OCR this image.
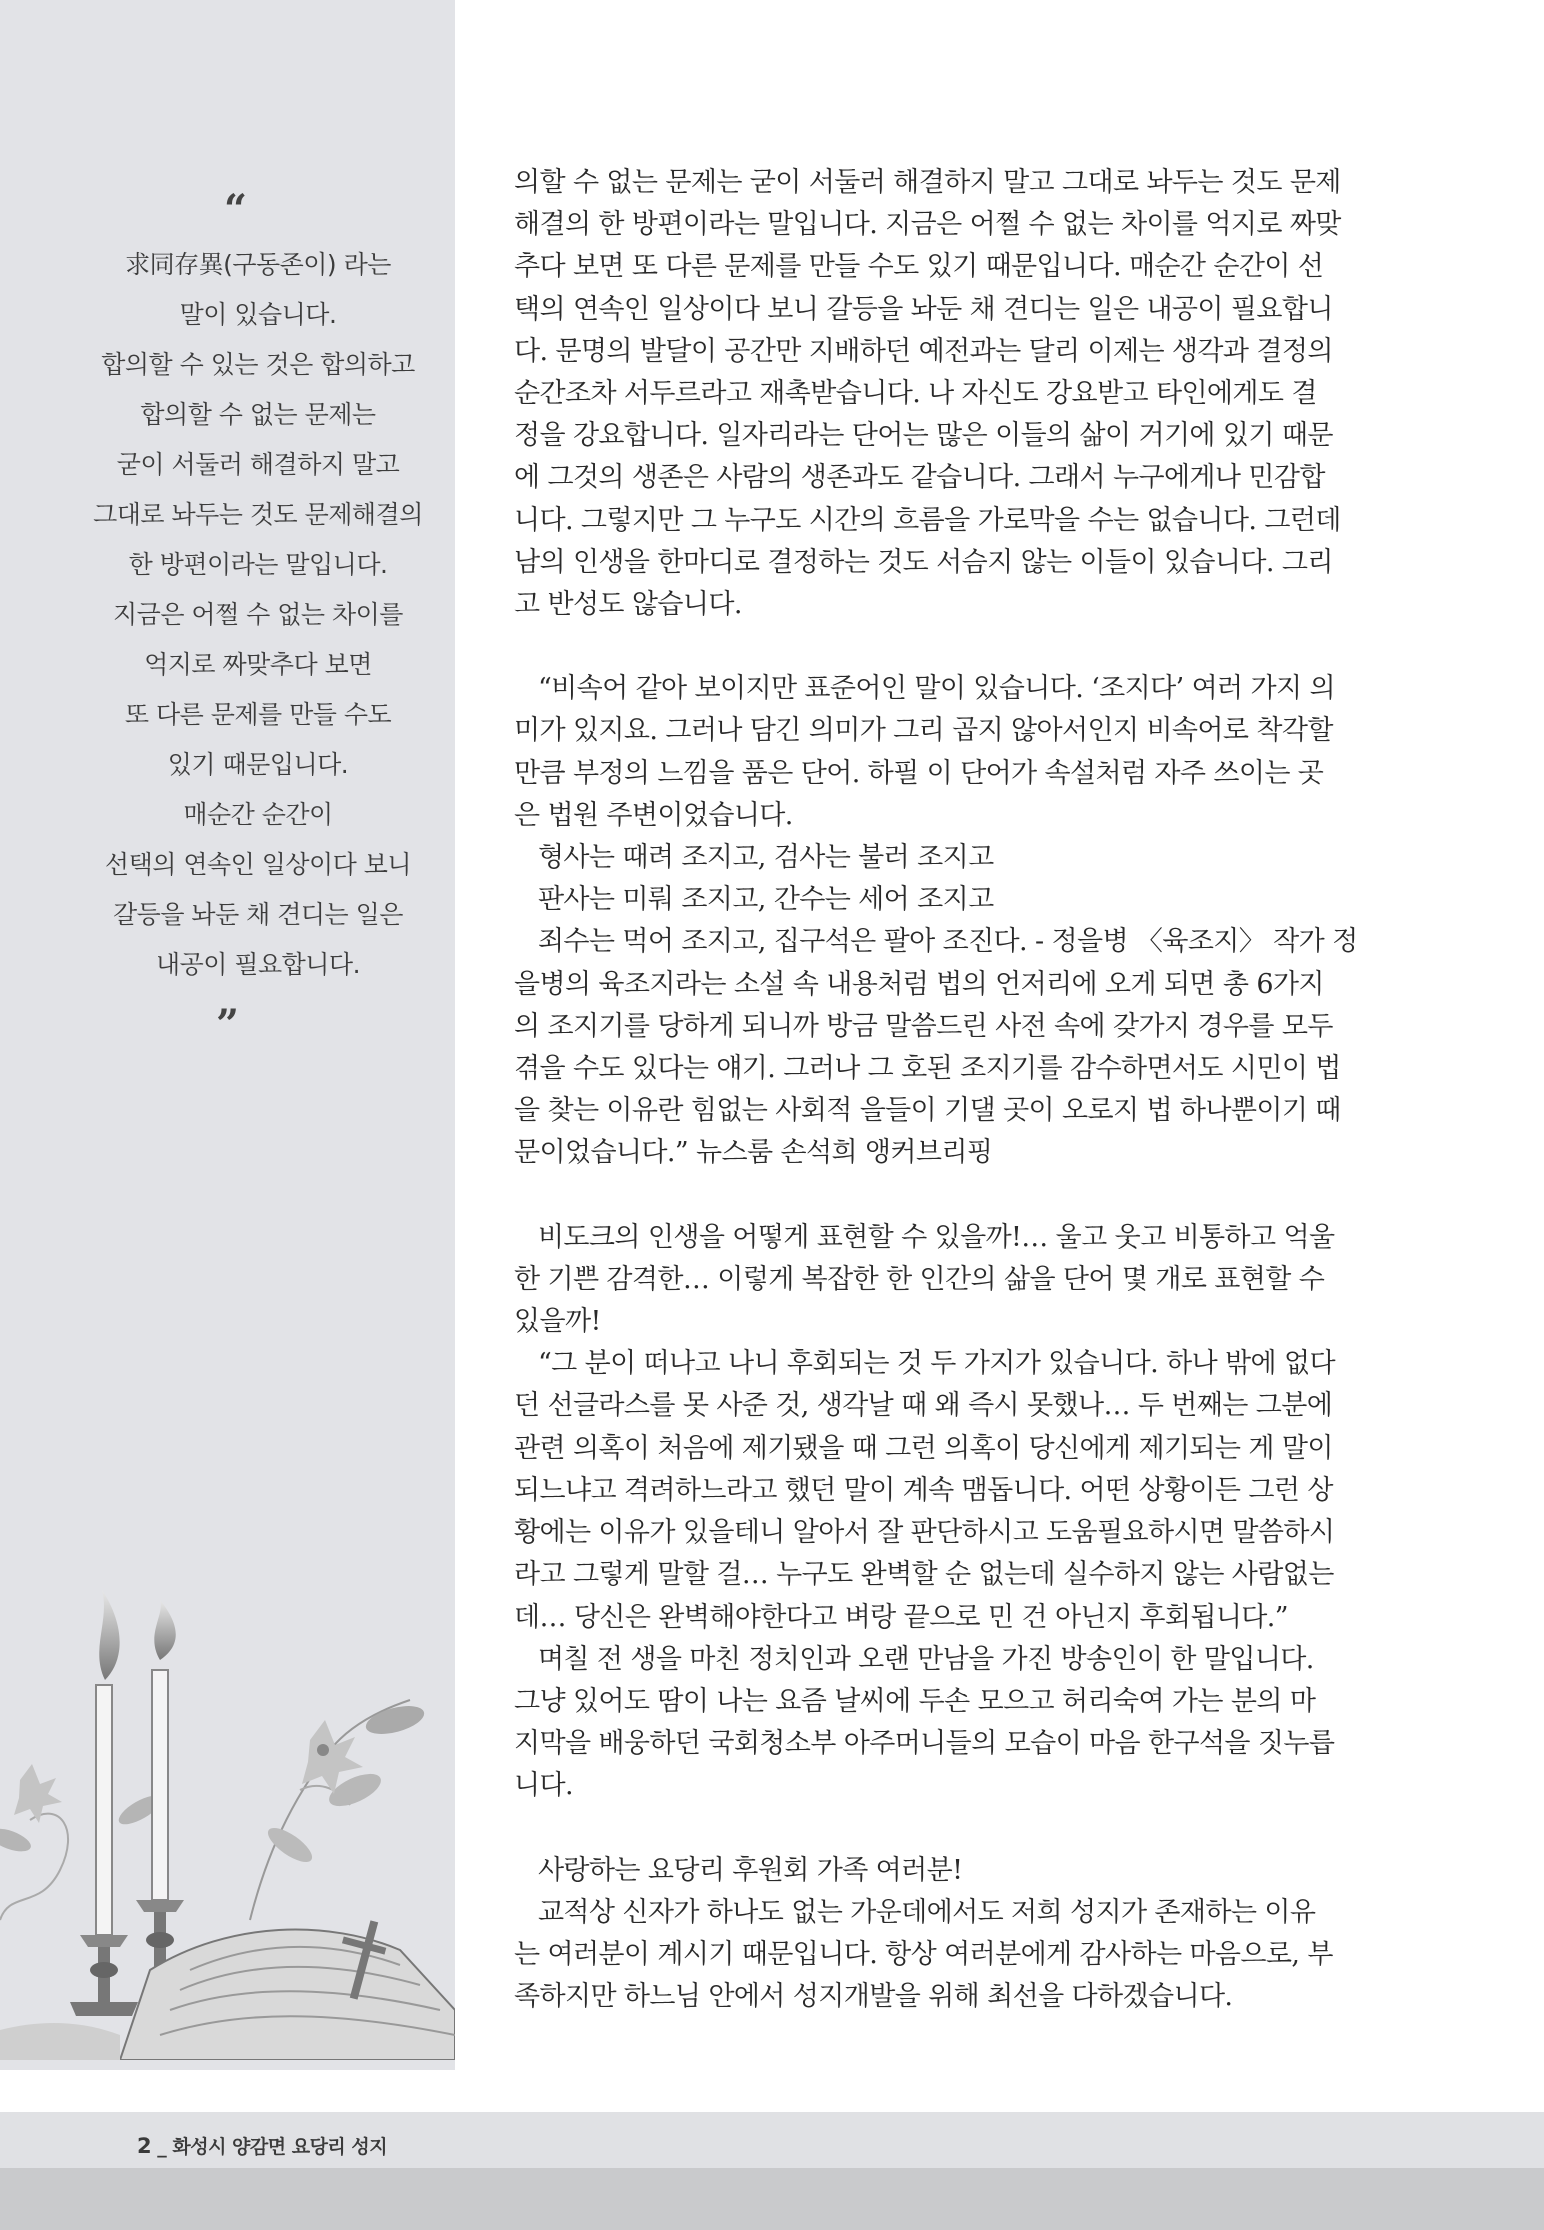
“
求同存異(구동존이) 라는
말이 있습니다.
합의할 수 있는 것은 합의하고
합의할 수 없는 문제는
굳이 서둘러 해결하지 말고
그대로 놔두는 것도 문제해결의
한 방편이라는 말입니다.
지금은 어쩔 수 없는 차이를
억지로 짜맞추다 보면
또 다른 문제를 만들 수도
있기 때문입니다.
매순간 순간이
선택의 연속인 일상이다 보니
갈등을 놔둔 채 견디는 일은
내공이 필요합니다.
”

의할 수 없는 문제는 굳이 서둘러 해결하지 말고 그대로 놔두는 것도 문제
해결의 한 방편이라는 말입니다. 지금은 어쩔 수 없는 차이를 억지로 짜맞
추다 보면 또 다른 문제를 만들 수도 있기 때문입니다. 매순간 순간이 선
택의 연속인 일상이다 보니 갈등을 놔둔 채 견디는 일은 내공이 필요합니
다. 문명의 발달이 공간만 지배하던 예전과는 달리 이제는 생각과 결정의
순간조차 서두르라고 재촉받습니다. 나 자신도 강요받고 타인에게도 결
정을 강요합니다. 일자리라는 단어는 많은 이들의 삶이 거기에 있기 때문
에 그것의 생존은 사람의 생존과도 같습니다. 그래서 누구에게나 민감합
니다. 그렇지만 그 누구도 시간의 흐름을 가로막을 수는 없습니다. 그런데
남의 인생을 한마디로 결정하는 것도 서슴지 않는 이들이 있습니다. 그리
고 반성도 않습니다.

“비속어 같아 보이지만 표준어인 말이 있습니다. ‘조지다’ 여러 가지 의
미가 있지요. 그러나 담긴 의미가 그리 곱지 않아서인지 비속어로 착각할
만큼 부정의 느낌을 품은 단어. 하필 이 단어가 속설처럼 자주 쓰이는 곳
은 법원 주변이었습니다.
형사는 때려 조지고, 검사는 불러 조지고
판사는 미뤄 조지고, 간수는 세어 조지고
죄수는 먹어 조지고, 집구석은 팔아 조진다. - 정을병 〈육조지〉 작가 정
을병의 육조지라는 소설 속 내용처럼 법의 언저리에 오게 되면 총 6가지
의 조지기를 당하게 되니까 방금 말씀드린 사전 속에 갖가지 경우를 모두
겪을 수도 있다는 얘기. 그러나 그 호된 조지기를 감수하면서도 시민이 법
을 찾는 이유란 힘없는 사회적 을들이 기댈 곳이 오로지 법 하나뿐이기 때
문이었습니다.” 뉴스룸 손석희 앵커브리핑

비도크의 인생을 어떻게 표현할 수 있을까!… 울고 웃고 비통하고 억울
한 기쁜 감격한… 이렇게 복잡한 한 인간의 삶을 단어 몇 개로 표현할 수
있을까!
“그 분이 떠나고 나니 후회되는 것 두 가지가 있습니다. 하나 밖에 없다
던 선글라스를 못 사준 것, 생각날 때 왜 즉시 못했나… 두 번째는 그분에
관련 의혹이 처음에 제기됐을 때 그런 의혹이 당신에게 제기되는 게 말이
되느냐고 격려하느라고 했던 말이 계속 맴돕니다. 어떤 상황이든 그런 상
황에는 이유가 있을테니 알아서 잘 판단하시고 도움필요하시면 말씀하시
라고 그렇게 말할 걸… 누구도 완벽할 순 없는데 실수하지 않는 사람없는
데… 당신은 완벽해야한다고 벼랑 끝으로 민 건 아닌지 후회됩니다.”
며칠 전 생을 마친 정치인과 오랜 만남을 가진 방송인이 한 말입니다.
그냥 있어도 땀이 나는 요즘 날씨에 두손 모으고 허리숙여 가는 분의 마
지막을 배웅하던 국회청소부 아주머니들의 모습이 마음 한구석을 짓누릅
니다.

사랑하는 요당리 후원회 가족 여러분!
교적상 신자가 하나도 없는 가운데에서도 저희 성지가 존재하는 이유
는 여러분이 계시기 때문입니다. 항상 여러분에게 감사하는 마음으로, 부
족하지만 하느님 안에서 성지개발을 위해 최선을 다하겠습니다.

2 _ 화성시 양감면 요당리 성지
